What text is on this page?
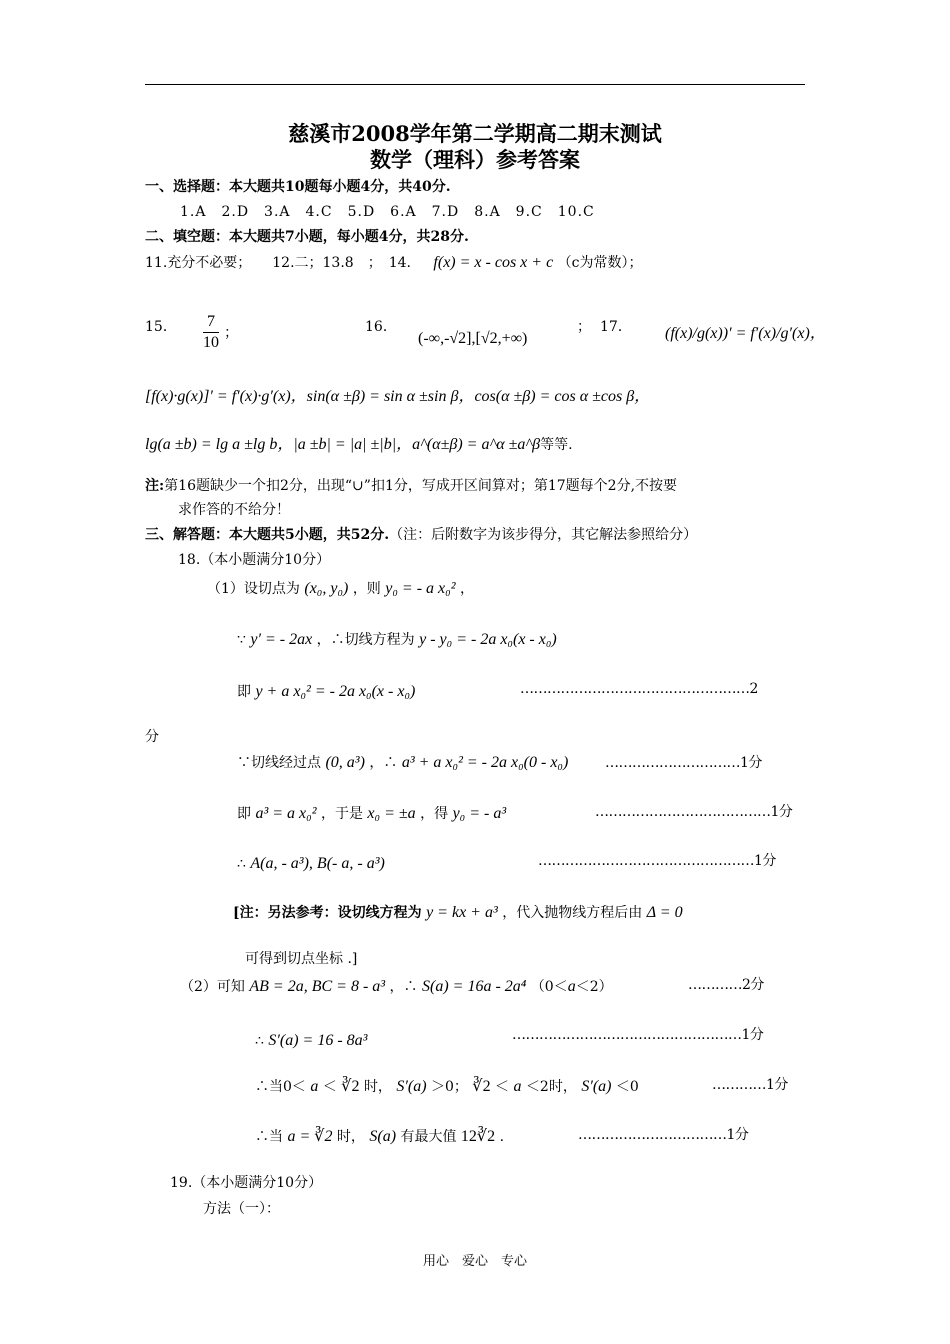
慈溪市2008学年第二学期高二期末测试
数学（理科）参考答案
一、选择题：本大题共10题每小题4分，共40分.
1.A　2.D　3.A　4.C　5.D　6.A　7.D　8.A　9.C　10.C
二、填空题：本大题共7小题，每小题4分，共28分.
11.充分不必要；　　12.二；13.8　；　14. f(x) = x - cos x + c （c为常数）；
15． $\frac{7}{10}$ ；	16．
(-∞,-√2],[√2,+∞)
； 17． (f(x)/g(x))′ = f′(x)/g′(x)，
[f(x)·g(x)]′ = f′(x)·g′(x)，sin(α ±β) = sin α ±sin β，cos(α ±β) = cos α ±cos β，
lg(a ±b) = lg a ±lg b，|a ±b| = |a| ±|b|，a^(α±β) = a^α ±a^β等等.
注:第16题缺少一个扣2分，出现“∪”扣1分，写成开区间算对；第17题每个2分,不按要
求作答的不给分！
三、解答题：本大题共5小题，共52分.（注：后附数字为该步得分，其它解法参照给分）
18.（本小题满分10分）
（1）设切点为 (x₀, y₀) ，则 y₀ = - a x₀² ，
∵ y′ = - 2ax ，∴切线方程为 y - y₀ = - 2a x₀(x - x₀)
即 y + a x₀² = - 2a x₀(x - x₀)	……………………………………………2
分
∵切线经过点 (0, a³) ，∴ a³ + a x₀² = - 2a x₀(0 - x₀)	…………………………1分
即 a³ = a x₀² ，于是 x₀ = ±a ，得 y₀ = - a³	…………………………………1分
∴ A(a, - a³), B(- a, - a³)	…………………………………………1分
[注：另法参考：设切线方程为 y = kx + a³ ，代入抛物线方程后由 Δ = 0
可得到切点坐标 .]
（2）可知 AB = 2a, BC = 8 - a³ ，∴ S(a) = 16a - 2a⁴ （0＜a＜2）	…………2分
∴ S′(a) = 16 - 8a³	……………………………………………1分
∴当0＜ a ＜ ∛2 时， S′(a) ＞0； ∛2 ＜ a ＜2时， S′(a) ＜0	…………1分
∴当 a = ∛2 时， S(a) 有最大值 12∛2 .	……………………………1分
19.（本小题满分10分）
方法（一）：
用心　爱心　专心
